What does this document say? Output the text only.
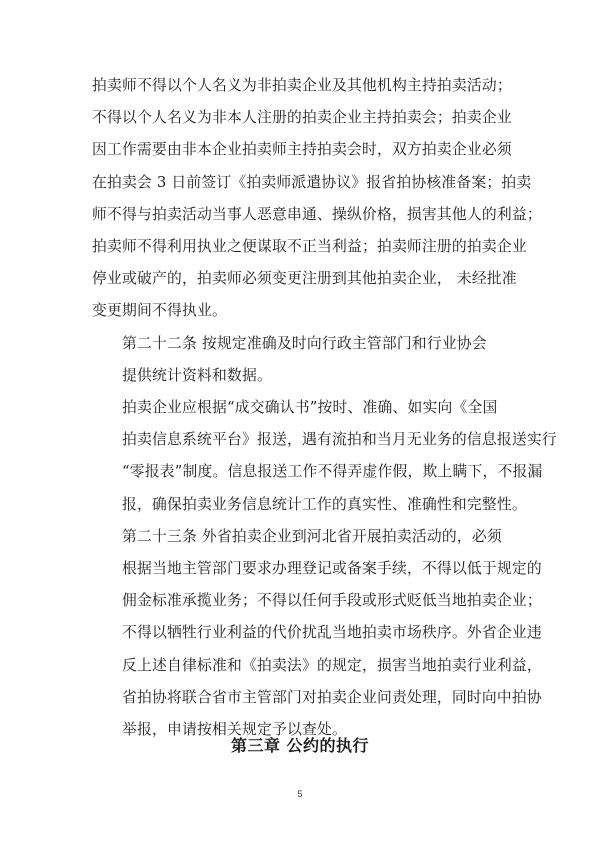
拍卖师不得以个人名义为非拍卖企业及其他机构主持拍卖活动；
不得以个人名义为非本人注册的拍卖企业主持拍卖会；拍卖企业
因工作需要由非本企业拍卖师主持拍卖会时，双方拍卖企业必须
在拍卖会 3 日前签订《拍卖师派遣协议》报省拍协核准备案；拍卖
师不得与拍卖活动当事人恶意串通、操纵价格，损害其他人的利益；
拍卖师不得利用执业之便谋取不正当利益；拍卖师注册的拍卖企业
停业或破产的，拍卖师必须变更注册到其他拍卖企业， 未经批准
变更期间不得执业。

第二十二条 按规定准确及时向行政主管部门和行业协会
提供统计资料和数据。

拍卖企业应根据“成交确认书”按时、准确、如实向《全国
拍卖信息系统平台》报送，遇有流拍和当月无业务的信息报送实行
“零报表”制度。信息报送工作不得弄虚作假，欺上瞒下，不报漏
报，确保拍卖业务信息统计工作的真实性、准确性和完整性。

第二十三条 外省拍卖企业到河北省开展拍卖活动的，必须
根据当地主管部门要求办理登记或备案手续，不得以低于规定的
佣金标准承揽业务；不得以任何手段或形式贬低当地拍卖企业；
不得以牺牲行业利益的代价扰乱当地拍卖市场秩序。外省企业违
反上述自律标准和《拍卖法》的规定，损害当地拍卖行业利益，
省拍协将联合省市主管部门对拍卖企业问责处理，同时向中拍协
举报，申请按相关规定予以查处。

第三章 公约的执行
5
